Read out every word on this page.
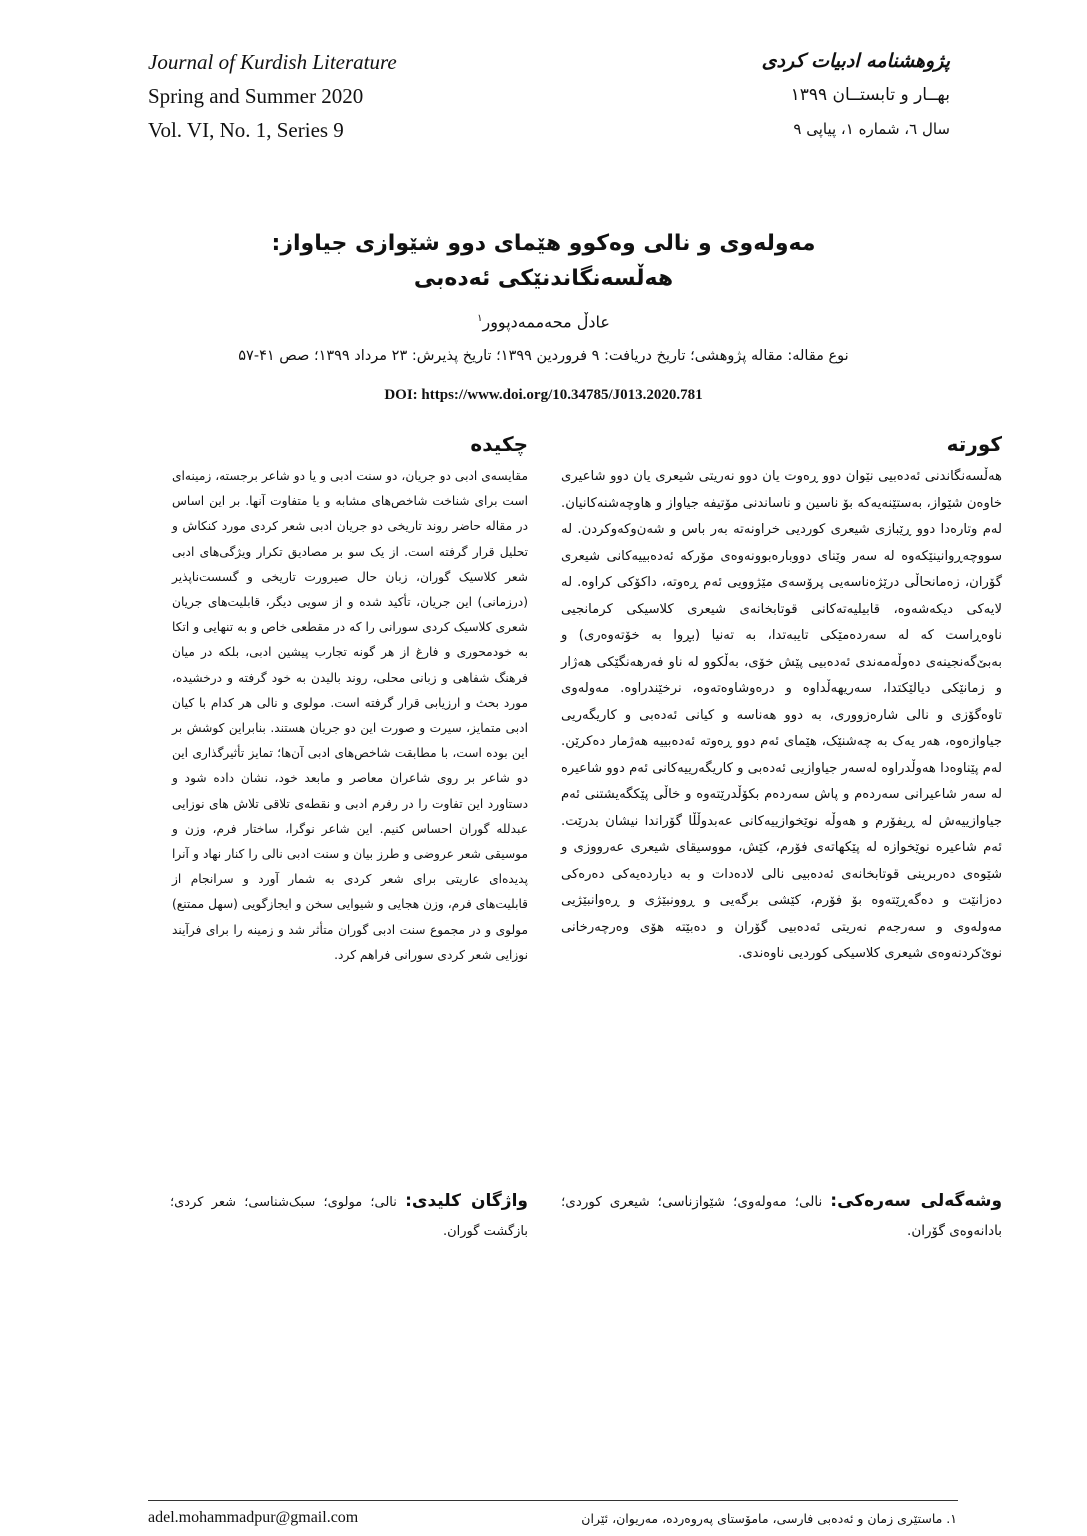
Journal of Kurdish Literature
Spring and Summer 2020
Vol. VI, No. 1, Series 9
پژوهشنامه ادبیات کردی
بهــار و تابستــان ۱۳۹۹
سال ٦، شماره ۱، پیاپی ۹
مەولەوی و نالی وەکوو هێمای دوو شێوازی جیاواز:
هەڵسەنگاندنێکی ئەدەبی
عادڵ محەممەدپوور$^۱$
نوع مقاله: مقاله پژوهشی؛ تاریخ دریافت: ۹ فروردین ۱۳۹۹؛ تاریخ پذیرش: ۲۳ مرداد ۱۳۹۹؛ صص ۴۱-۵۷
DOI: https://www.doi.org/10.34785/J013.2020.781
کورتە
هەڵسەنگاندنی ئەدەبیی نێوان دوو ڕەوت یان دوو نەریتی شیعری یان دوو شاعیری خاوەن شێواز، بەستێنەیەکە بۆ ناسین و ناساندنی مۆتیفە جیاواز و هاوچەشنەکانیان. لەم وتارەدا دوو ڕێبازی شیعری کوردیی خراونەتە بەر باس و شەن‌وکەوکردن. لە سووچەڕوانینێکەوە لە سەر وێنای دووبارەبوونەوەی مۆرکە ئەدەبییەکانی شیعری گۆران، زەمانحاڵی درێژەناسەیی پرۆسەی مێژوویی ئەم ڕەوتە، داکۆکی کراوە. لە لایەکی دیکەشەوە، قابیلیەتەکانی قوتابخانەی شیعری کلاسیکی کرمانجیی ناوەڕاست کە لە سەردەمێکی تایبەتدا، بە تەنیا (بڕوا بە خۆتەوەری) و بەبێ‌گەنجینەی دەوڵەمەندی ئەدەبیی پێش خۆی، بەڵکوو لە ناو فەرهەنگێکی هەژار و زمانێکی دیالێکتدا، سەریهەڵداوە و درەوشاوەتەوە، نرخێندراوە. مەولەوی تاوەگۆزی و نالی شارەزووری، بە دوو هەناسە و کیانی ئەدەبی و کاریگەریی جیاوازەوە، هەر یەک بە چەشنێک، هێمای ئەم دوو ڕەوتە ئەدەبییە هەژمار دەکرێن. لەم پێناوەدا هەوڵدراوە لەسەر جیاوازیی ئەدەبی و کاریگەرییەکانی ئەم دوو شاعیرە لە سەر شاعیرانی سەردەم و پاش سەردەم بکۆڵدرێتەوە و خاڵی پێکگەیشتنی ئەم جیاوازییەش لە ڕیفۆرم و هەوڵە نوێخوازییەکانی عەبدوڵڵا گۆراندا نیشان بدرێت. ئەم شاعیرە نوێخوازە لە پێکهاتەی فۆرم، کێش، مووسیقای شیعری عەرووزی و شێوەی دەربرینی قوتابخانەی ئەدەبیی نالی لادەدات و بە دیاردەیەکی دەرەکی دەزانێت و دەگەڕێتەوە بۆ فۆرم، کێشی برگەیی و ڕوونبێژی و ڕەوانبێژیی مەولەوی و سەرجەم نەریتی ئەدەبیی گۆران و دەبێتە هۆی وەرچەرخانی نوێ‌کردنەوەی شیعری کلاسیکی کوردیی ناوەندی.
چکیده
مقایسه‌ی ادبی دو جریان، دو سنت ادبی و یا دو شاعر برجسته، زمینه‌ای است برای شناخت شاخص‌های مشابه و یا متفاوت آنها. بر این اساس در مقاله حاضر روند تاریخی دو جریان ادبی شعر کردی مورد کنکاش و تحلیل قرار گرفته است. از یک سو بر مصادیق تکرار ویژگی‌های ادبی شعر کلاسیک گوران، زبان حال صیرورت تاریخی و گسست‌ناپذیر (درزمانی) این جریان، تأکید شده و از سویی دیگر، قابلیت‌های جریان شعری کلاسیک کردی سورانی را که در مقطعی خاص و به تنهایی و اتکا به خودمحوری و فارغ از هر گونه تجارب پیشین ادبی، بلکه در میان فرهنگ شفاهی و زبانی محلی، روند بالیدن به خود گرفته و درخشیده، مورد بحث و ارزیابی قرار گرفته است. مولوی و نالی هر کدام با کیان ادبی متمایز، سیرت و صورت این دو جریان هستند. بنابراین کوشش بر این بوده است، با مطابقت شاخص‌های ادبی آن‌ها؛ تمایز تأثیرگذاری این دو شاعر بر روی شاعران معاصر و مابعد خود، نشان داده شود و دستاورد این تفاوت را در رفرم ادبی و نقطه‌ی تلاقی تلاش های نوزایی عبدلله گوران احساس کنیم. این شاعر نوگرا، ساختار فرم، وزن و موسیقی شعر عروضی و طرز بیان و سنت ادبی نالی را کنار نهاد و آنرا پدیده‌ای عاریتی برای شعر کردی به شمار آورد و سرانجام از قابلیت‌های فرم، وزن هجایی و شیوایی سخن و ایجازگویی (سهل ممتنع) مولوی و در مجموع سنت ادبی گوران متأثر شد و زمینه را برای فرآیند نوزایی شعر کردی سورانی فراهم کرد.
وشەگەلی سەرەکی: نالی؛ مەولەوی؛ شێوازناسی؛ شیعری کوردی؛ بادانەوەی گۆران.
واژگان کلیدی: نالی؛ مولوی؛ سبک‌شناسی؛ شعر کردی؛ بازگشت گوران.
adel.mohammadpur@gmail.com	۱. ماستێری زمان و ئەدەبی فارسی، مامۆستای پەروەردە، مەریوان، ئێران
